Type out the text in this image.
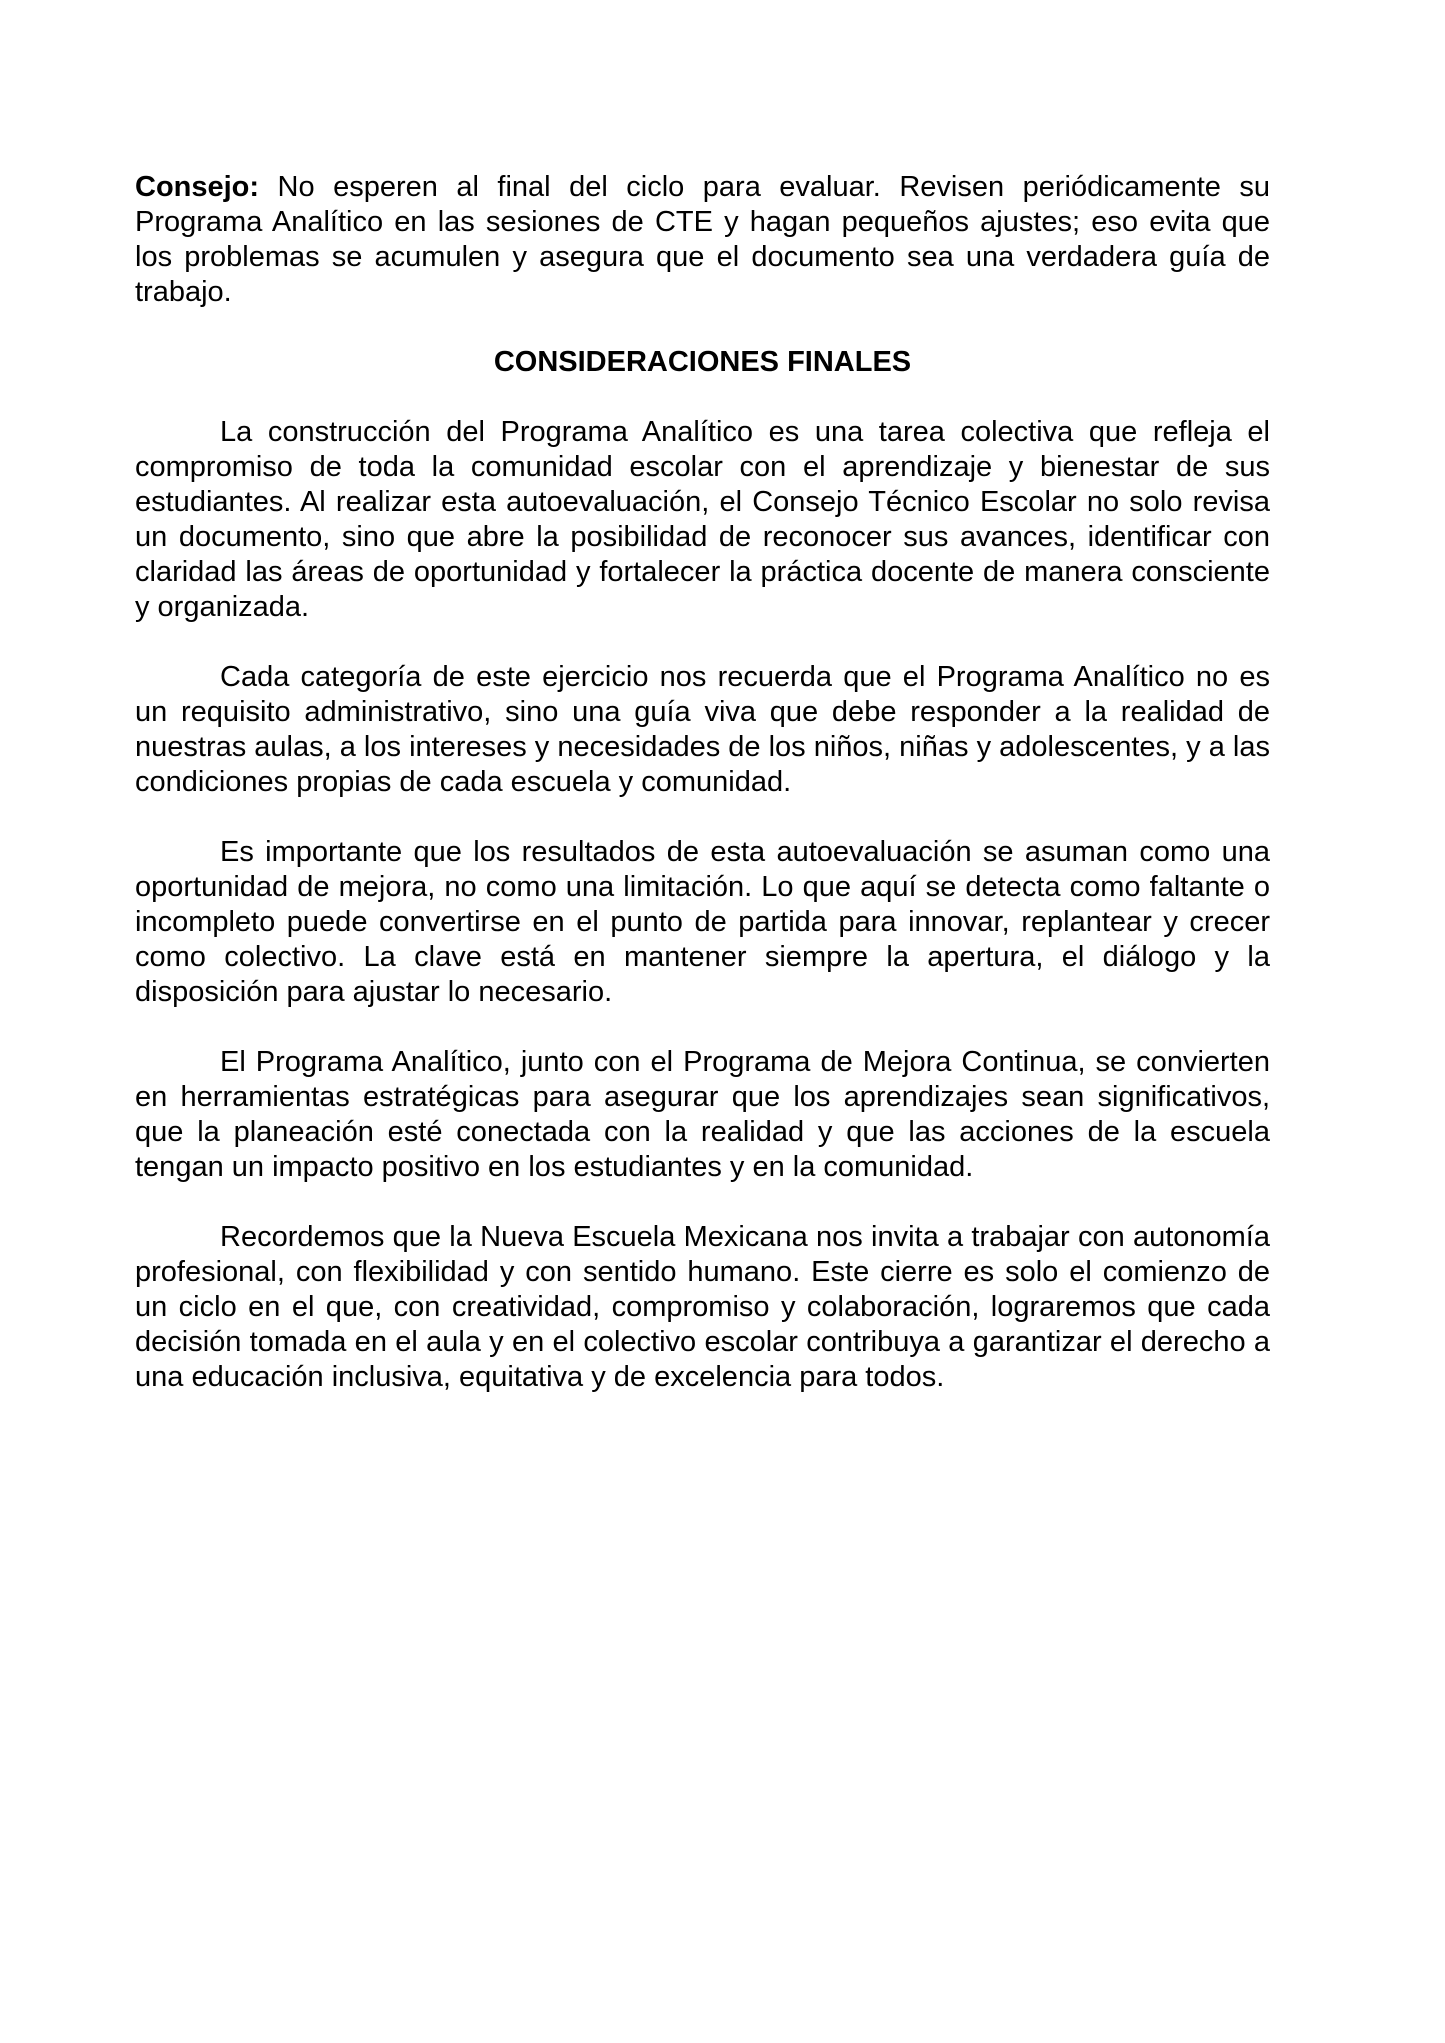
Consejo: No esperen al final del ciclo para evaluar. Revisen periódicamente su Programa Analítico en las sesiones de CTE y hagan pequeños ajustes; eso evita que los problemas se acumulen y asegura que el documento sea una verdadera guía de trabajo.

CONSIDERACIONES FINALES

La construcción del Programa Analítico es una tarea colectiva que refleja el compromiso de toda la comunidad escolar con el aprendizaje y bienestar de sus estudiantes. Al realizar esta autoevaluación, el Consejo Técnico Escolar no solo revisa un documento, sino que abre la posibilidad de reconocer sus avances, identificar con claridad las áreas de oportunidad y fortalecer la práctica docente de manera consciente y organizada.

Cada categoría de este ejercicio nos recuerda que el Programa Analítico no es un requisito administrativo, sino una guía viva que debe responder a la realidad de nuestras aulas, a los intereses y necesidades de los niños, niñas y adolescentes, y a las condiciones propias de cada escuela y comunidad.

Es importante que los resultados de esta autoevaluación se asuman como una oportunidad de mejora, no como una limitación. Lo que aquí se detecta como faltante o incompleto puede convertirse en el punto de partida para innovar, replantear y crecer como colectivo. La clave está en mantener siempre la apertura, el diálogo y la disposición para ajustar lo necesario.

El Programa Analítico, junto con el Programa de Mejora Continua, se convierten en herramientas estratégicas para asegurar que los aprendizajes sean significativos, que la planeación esté conectada con la realidad y que las acciones de la escuela tengan un impacto positivo en los estudiantes y en la comunidad.

Recordemos que la Nueva Escuela Mexicana nos invita a trabajar con autonomía profesional, con flexibilidad y con sentido humano. Este cierre es solo el comienzo de un ciclo en el que, con creatividad, compromiso y colaboración, lograremos que cada decisión tomada en el aula y en el colectivo escolar contribuya a garantizar el derecho a una educación inclusiva, equitativa y de excelencia para todos.
